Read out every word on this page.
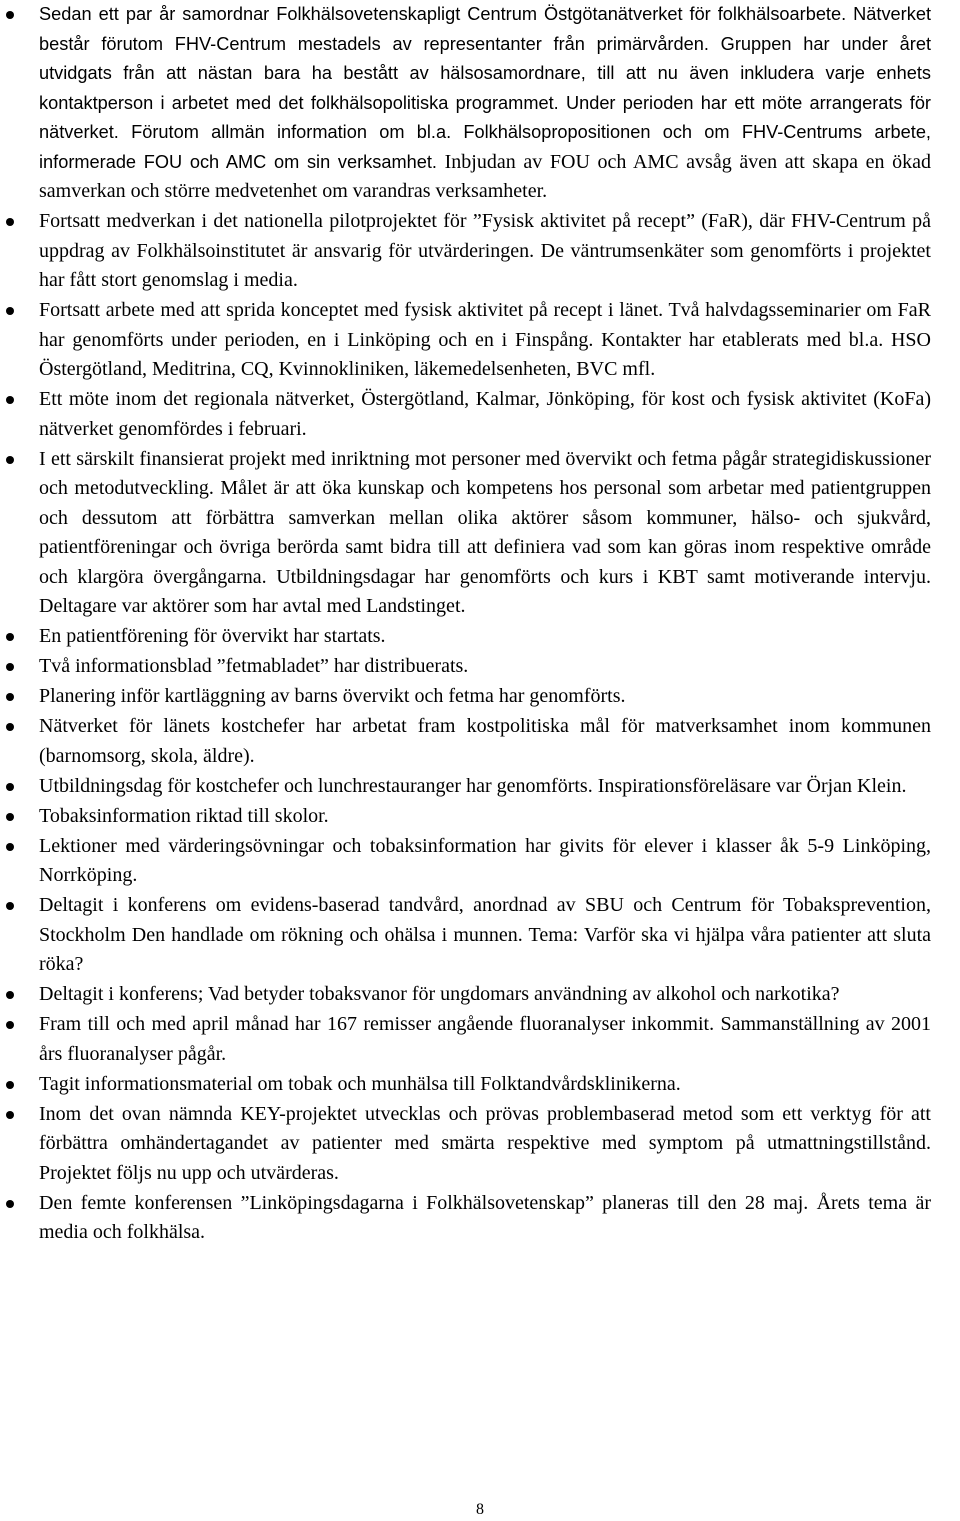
Sedan ett par år samordnar Folkhälsovetenskapligt Centrum Östgötanätverket för folkhälsoarbete. Nätverket består förutom FHV-Centrum mestadels av representanter från primärvården. Gruppen har under året utvidgats från att nästan bara ha bestått av hälsosamordnare, till att nu även inkludera varje enhets kontaktperson i arbetet med det folkhälsopolitiska programmet. Under perioden har ett möte arrangerats för nätverket. Förutom allmän information om bl.a. Folkhälsopropositionen och om FHV-Centrums arbete, informerade FOU och AMC om sin verksamhet. Inbjudan av FOU och AMC avsåg även att skapa en ökad samverkan och större medvetenhet om varandras verksamheter.
Fortsatt medverkan i det nationella pilotprojektet för ”Fysisk aktivitet på recept” (FaR), där FHV-Centrum på uppdrag av Folkhälsoinstitutet är ansvarig för utvärderingen. De väntrumsenkäter som genomförts i projektet har fått stort genomslag i media.
Fortsatt arbete med att sprida konceptet med fysisk aktivitet på recept i länet. Två halvdagsseminarier om FaR har genomförts under perioden, en i Linköping och en i Finspång. Kontakter har etablerats med bl.a. HSO Östergötland, Meditrina, CQ, Kvinnokliniken, läkemedelsenheten, BVC mfl.
Ett möte inom det regionala nätverket, Östergötland, Kalmar, Jönköping, för kost och fysisk aktivitet (KoFa) nätverket genomfördes i februari.
I ett särskilt finansierat projekt med inriktning mot personer med övervikt och fetma pågår strategidiskussioner och metodutveckling. Målet är att öka kunskap och kompetens hos personal som arbetar med patientgruppen och dessutom att förbättra samverkan mellan olika aktörer såsom kommuner, hälso- och sjukvård, patientföreningar och övriga berörda samt bidra till att definiera vad som kan göras inom respektive område och klargöra övergångarna. Utbildningsdagar har genomförts och kurs i KBT samt motiverande intervju. Deltagare var aktörer som har avtal med Landstinget.
En patientförening för övervikt har startats.
Två informationsblad ”fetmabladet” har distribuerats.
Planering inför kartläggning av barns övervikt och fetma har genomförts.
Nätverket för länets kostchefer har arbetat fram kostpolitiska mål för matverksamhet inom kommunen (barnomsorg, skola, äldre).
Utbildningsdag för kostchefer och lunchrestauranger har genomförts. Inspirationsföreläsare var Örjan Klein.
Tobaksinformation riktad till skolor.
Lektioner med värderingsövningar och tobaksinformation har givits för elever i klasser åk 5-9 Linköping, Norrköping.
Deltagit i konferens om evidens-baserad tandvård, anordnad av SBU och Centrum för Tobaksprevention, Stockholm Den handlade om rökning och ohälsa i munnen. Tema: Varför ska vi hjälpa våra patienter att sluta röka?
Deltagit i konferens; Vad betyder tobaksvanor för ungdomars användning av alkohol och narkotika?
Fram till och med april månad har 167 remisser angående fluoranalyser inkommit. Sammanställning av 2001 års fluoranalyser pågår.
Tagit informationsmaterial om tobak och munhälsa till Folktandvårdsklinikerna.
Inom det ovan nämnda KEY-projektet utvecklas och prövas problembaserad metod som ett verktyg för att förbättra omhändertagandet av patienter med smärta respektive med symptom på utmattningstillstånd. Projektet följs nu upp och utvärderas.
Den femte konferensen ”Linköpingsdagarna i Folkhälsovetenskap” planeras till den 28 maj. Årets tema är media och folkhälsa.
8
